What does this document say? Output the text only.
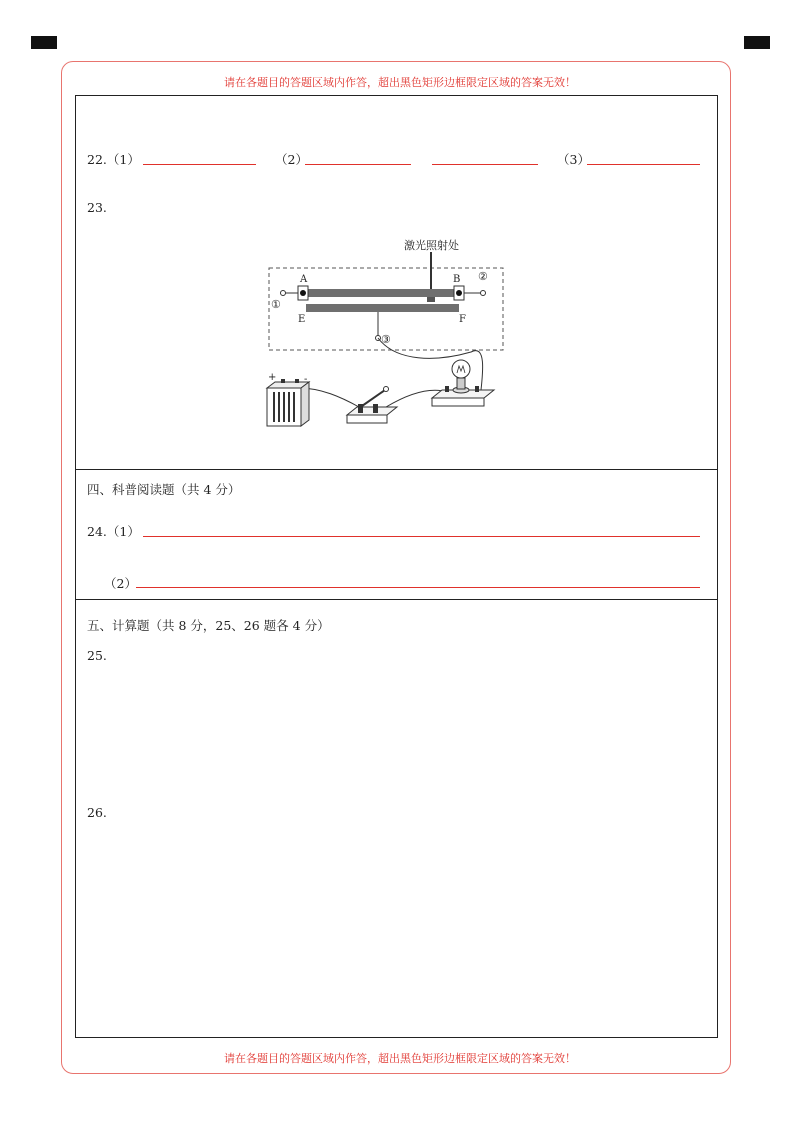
请在各题目的答题区域内作答，超出黑色矩形边框限定区域的答案无效！
请在各题目的答题区域内作答，超出黑色矩形边框限定区域的答案无效！
22.（1）	（2）	（3）
23.
激光照射处
A	B
E	F
①
②
③
+	-
四、科普阅读题（共 4 分）
24.（1）
（2）
五、计算题（共 8 分，25、26 题各 4 分）
25.
26.
